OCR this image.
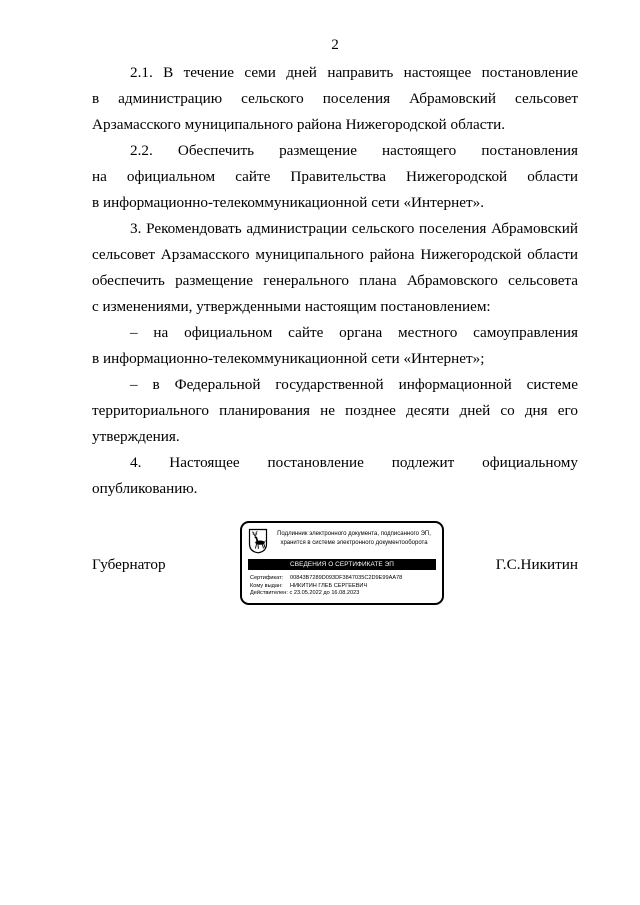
2
2.1. В течение семи дней направить настоящее постановление
в администрацию сельского поселения Абрамовский сельсовет
Арзамасского муниципального района Нижегородской области.
2.2. Обеспечить размещение настоящего постановления
на официальном сайте Правительства Нижегородской области
в информационно-телекоммуникационной сети «Интернет».
3. Рекомендовать администрации сельского поселения Абрамовский
сельсовет Арзамасского муниципального района Нижегородской области
обеспечить размещение генерального плана Абрамовского сельсовета
с изменениями, утвержденными настоящим постановлением:
– на официальном сайте органа местного самоуправления
в информационно-телекоммуникационной сети «Интернет»;
– в Федеральной государственной информационной системе
территориального планирования не позднее десяти дней со дня его
утверждения.
4. Настоящее постановление подлежит официальному
опубликованию.
Губернатор	Г.С.Никитин
Подлинник электронного документа, подписанного ЭП,
хранится в системе электронного документооборота
СВЕДЕНИЯ О СЕРТИФИКАТЕ ЭП
Сертификат: 00843B7289D093DF3847035C2D9E99AA78
Кому выдан: НИКИТИН ГЛЕБ СЕРГЕЕВИЧ
Действителен: с 23.05.2022 до 16.08.2023
